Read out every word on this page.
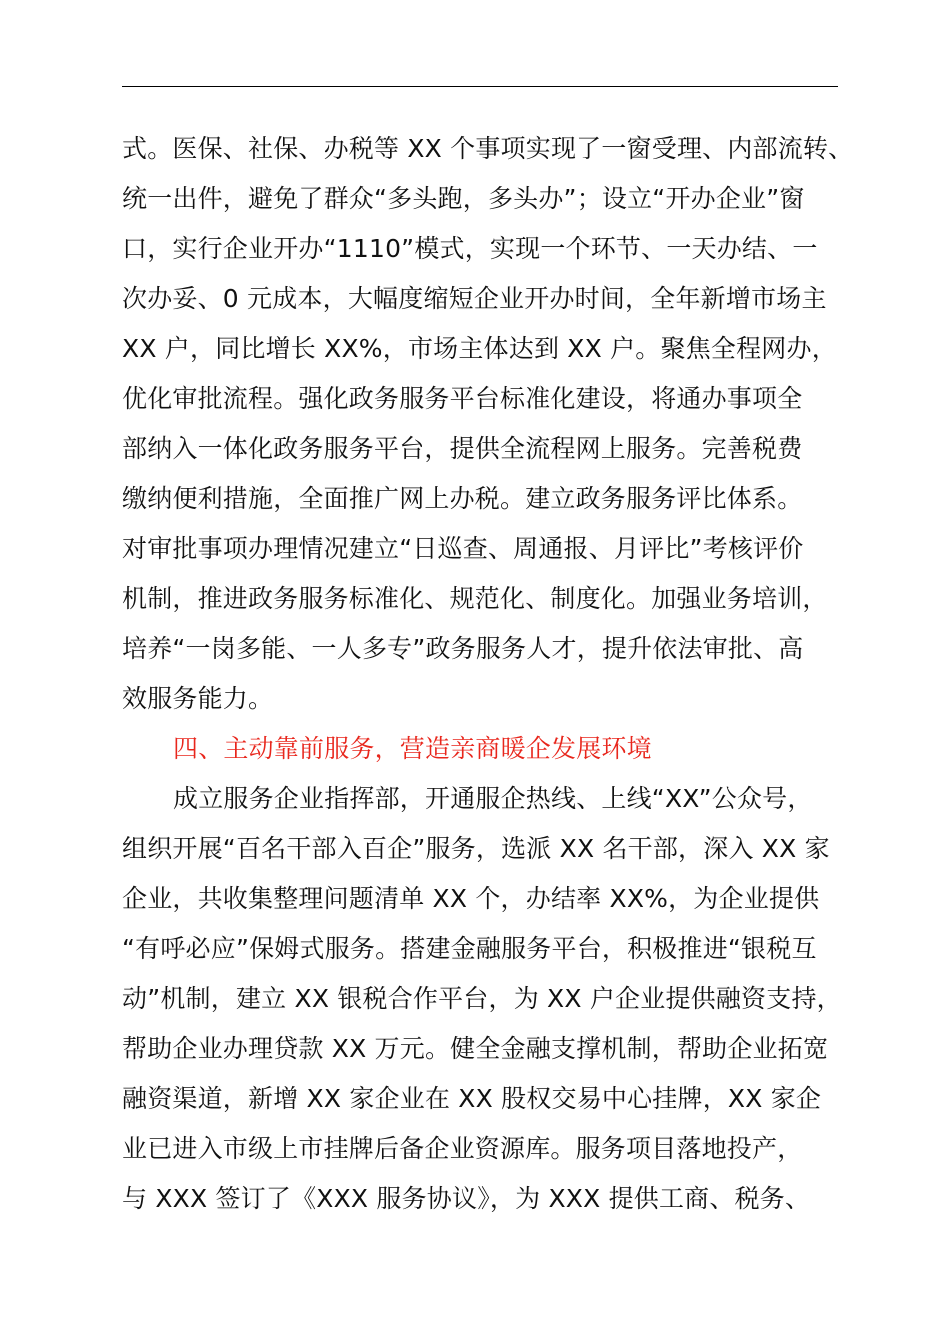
式。医保、社保、办税等 XX 个事项实现了一窗受理、内部流转、
统一出件，避免了群众“多头跑，多头办”；设立“开办企业”窗
口，实行企业开办“1110”模式，实现一个环节、一天办结、一
次办妥、0 元成本，大幅度缩短企业开办时间，全年新增市场主
XX 户，同比增长 XX%，市场主体达到 XX 户。聚焦全程网办，
优化审批流程。强化政务服务平台标准化建设，将通办事项全
部纳入一体化政务服务平台，提供全流程网上服务。完善税费
缴纳便利措施，全面推广网上办税。建立政务服务评比体系。
对审批事项办理情况建立“日巡查、周通报、月评比”考核评价
机制，推进政务服务标准化、规范化、制度化。加强业务培训，
培养“一岗多能、一人多专”政务服务人才，提升依法审批、高
效服务能力。
四、主动靠前服务，营造亲商暖企发展环境
成立服务企业指挥部，开通服企热线、上线“XX”公众号，
组织开展“百名干部入百企”服务，选派 XX 名干部，深入 XX 家
企业，共收集整理问题清单 XX 个，办结率 XX%，为企业提供
“有呼必应”保姆式服务。搭建金融服务平台，积极推进“银税互
动”机制，建立 XX 银税合作平台，为 XX 户企业提供融资支持，
帮助企业办理贷款 XX 万元。健全金融支撑机制，帮助企业拓宽
融资渠道，新增 XX 家企业在 XX 股权交易中心挂牌，XX 家企
业已进入市级上市挂牌后备企业资源库。服务项目落地投产，
与 XXX 签订了《XXX 服务协议》，为 XXX 提供工商、税务、
